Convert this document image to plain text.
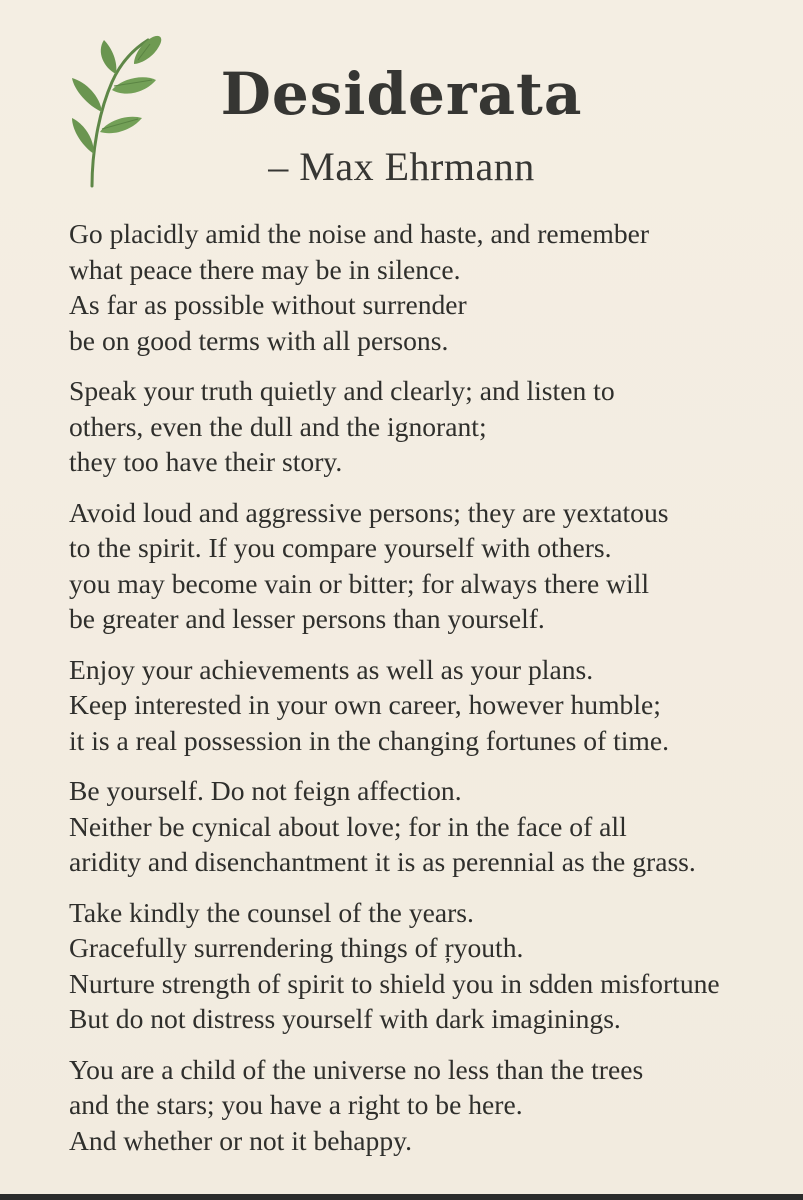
Desiderata
– Max Ehrmann
Go placidly amid the noise and haste, and remember
what peace there may be in silence.
As far as possible without surrender
be on good terms with all persons.
Speak your truth quietly and clearly; and listen to
others, even the dull and the ignorant;
they too have their story.
Avoid loud and aggressive persons; they are yextatous
to the spirit. If you compare yourself with others.
you may become vain or bitter; for always there will
be greater and lesser persons than yourself.
Enjoy your achievements as well as your plans.
Keep interested in your own career, however humble;
it is a real possession in the changing fortunes of time.
Be yourself. Do not feign affection.
Neither be cynical about love; for in the face of all
aridity and disenchantment it is as perennial as the grass.
Take kindly the counsel of the years.
Gracefully surrendering things of ŗyouth.
Nurture strength of spirit to shield you in sdden misfortune
But do not distress yourself with dark imaginings.
You are a child of the universe no less than the trees
and the stars; you have a right to be here.
And whether or not it behappy.
